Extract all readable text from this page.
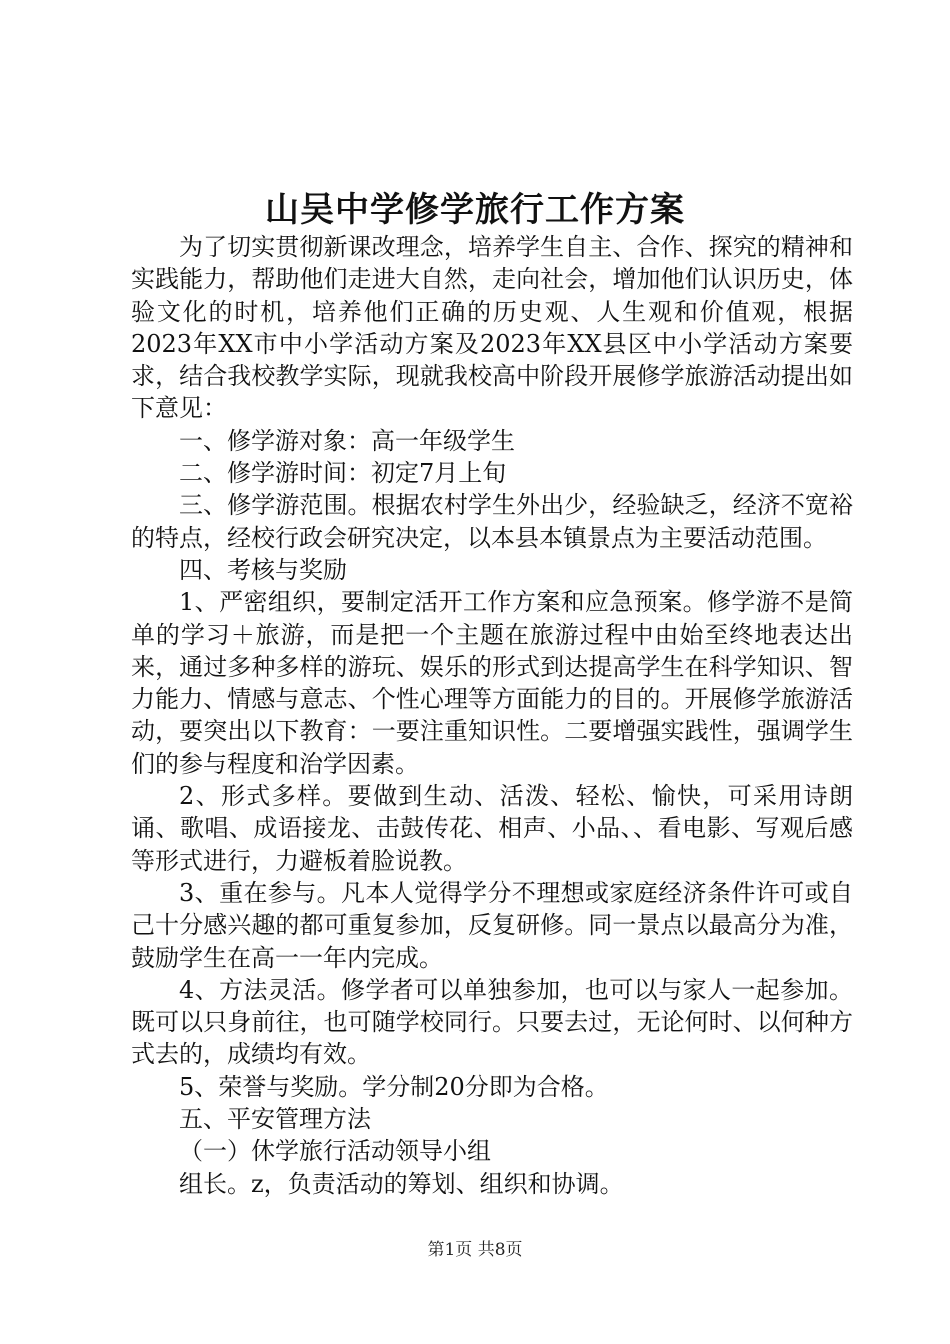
山吴中学修学旅行工作方案

为了切实贯彻新课改理念，培养学生自主、合作、探究的精神和实践能力，帮助他们走进大自然，走向社会，增加他们认识历史，体验文化的时机，培养他们正确的历史观、人生观和价值观，根据2023年XX市中小学活动方案及2023年XX县区中小学活动方案要求，结合我校教学实际，现就我校高中阶段开展修学旅游活动提出如下意见：

一、修学游对象：高一年级学生

二、修学游时间：初定7月上旬

三、修学游范围。根据农村学生外出少，经验缺乏，经济不宽裕的特点，经校行政会研究决定，以本县本镇景点为主要活动范围。

四、考核与奖励

1、严密组织，要制定活开工作方案和应急预案。修学游不是简单的学习＋旅游，而是把一个主题在旅游过程中由始至终地表达出来，通过多种多样的游玩、娱乐的形式到达提高学生在科学知识、智力能力、情感与意志、个性心理等方面能力的目的。开展修学旅游活动，要突出以下教育：一要注重知识性。二要增强实践性，强调学生们的参与程度和治学因素。

2、形式多样。要做到生动、活泼、轻松、愉快，可采用诗朗诵、歌唱、成语接龙、击鼓传花、相声、小品、、看电影、写观后感等形式进行，力避板着脸说教。

3、重在参与。凡本人觉得学分不理想或家庭经济条件许可或自己十分感兴趣的都可重复参加，反复研修。同一景点以最高分为准，鼓励学生在高一一年内完成。

4、方法灵活。修学者可以单独参加，也可以与家人一起参加。既可以只身前往，也可随学校同行。只要去过，无论何时、以何种方式去的，成绩均有效。

5、荣誉与奖励。学分制20分即为合格。

五、平安管理方法

（一）休学旅行活动领导小组

组长。z，负责活动的筹划、组织和协调。

第1页 共8页
